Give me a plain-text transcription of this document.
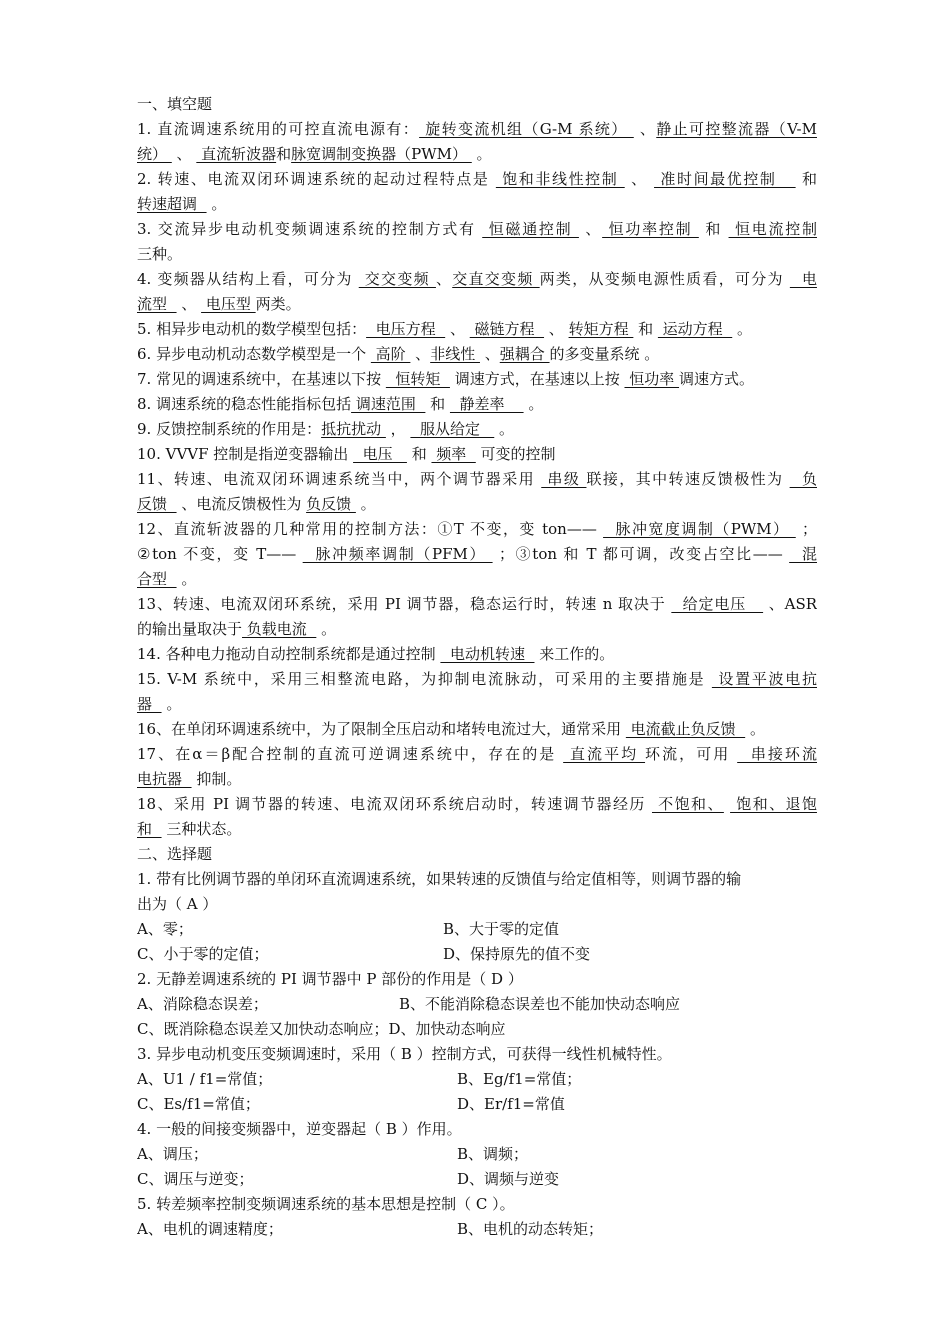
一、填空题
1. 直流调速系统用的可控直流电源有： 旋转变流机组（G-M 系统）  、静止可控整流器（V-M
统）  、  直流斩波器和脉宽调制变换器（PWM）  。
2. 转速、电流双闭环调速系统的起动过程特点是  饱和非线性控制  、  准时间最优控制    和
转速超调   。
3. 交流异步电动机变频调速系统的控制方式有  恒磁通控制  、 恒功率控制  和  恒电流控制
三种。
4. 变频器从结构上看，可分为  交交变频 、交直交变频 两类，从变频电源性质看，可分为   电
流型   、  电压型 两类。
5. 相异步电动机的数学模型包括：  电压方程   、  磁链方程   、 转矩方程  和  运动方程   。
6. 异步电动机动态数学模型是一个  高阶  、非线性  、强耦合 的多变量系统 。
7. 常见的调速系统中，在基速以下按   恒转矩   调速方式，在基速以上按  恒功率 调速方式。
8. 调速系统的稳态性能指标包括 调速范围   和   静差率     。
9. 反馈控制系统的作用是：抵抗扰动  ，   服从给定    。
10. VVVF 控制是指逆变器输出   电压    和  频率   可变的控制
11、转速、电流双闭环调速系统当中，两个调节器采用  串级 联接，其中转速反馈极性为   负
反馈   、电流反馈极性为 负反馈  。
12、直流斩波器的几种常用的控制方法：①T 不变，变 ton——   脉冲宽度调制（PWM）  ；
②ton 不变，变 T——   脉冲频率调制（PFM）  ；③ton 和 T 都可调，改变占空比——   混
合型   。
13、转速、电流双闭环系统，采用 PI 调节器，稳态运行时，转速 n 取决于   给定电压    、ASR
的输出量取决于 负载电流   。
14. 各种电力拖动自动控制系统都是通过控制   电动机转速   来工作的。
15. V-M 系统中，采用三相整流电路，为抑制电流脉动，可采用的主要措施是  设置平波电抗
器   。
16、在单闭环调速系统中，为了限制全压启动和堵转电流过大，通常采用  电流截止负反馈   。
17、在α＝β配合控制的直流可逆调速系统中，存在的是  直流平均 环流，可用   串接环流
电抗器   抑制。
18、采用 PI 调节器的转速、电流双闭环系统启动时，转速调节器经历  不饱和、  饱和、退饱
和   三种状态。
二、选择题
1. 带有比例调节器的单闭环直流调速系统，如果转速的反馈值与给定值相等，则调节器的输
出为（ A ）
A、零；	B、大于零的定值
C、小于零的定值；	D、保持原先的值不变
2. 无静差调速系统的 PI 调节器中 P 部份的作用是（ D ）
A、消除稳态误差；	B、不能消除稳态误差也不能加快动态响应
C、既消除稳态误差又加快动态响应；D、加快动态响应
3. 异步电动机变压变频调速时，采用（ B ）控制方式，可获得一线性机械特性。
A、U1 / f1=常值；	B、Eg/f1=常值；
C、Es/f1=常值；	D、Er/f1=常值
4. 一般的间接变频器中，逆变器起（ B ）作用。
A、调压；	B、调频；
C、调压与逆变；	D、调频与逆变
5. 转差频率控制变频调速系统的基本思想是控制（ C ）。
A、电机的调速精度；	B、电机的动态转矩；
